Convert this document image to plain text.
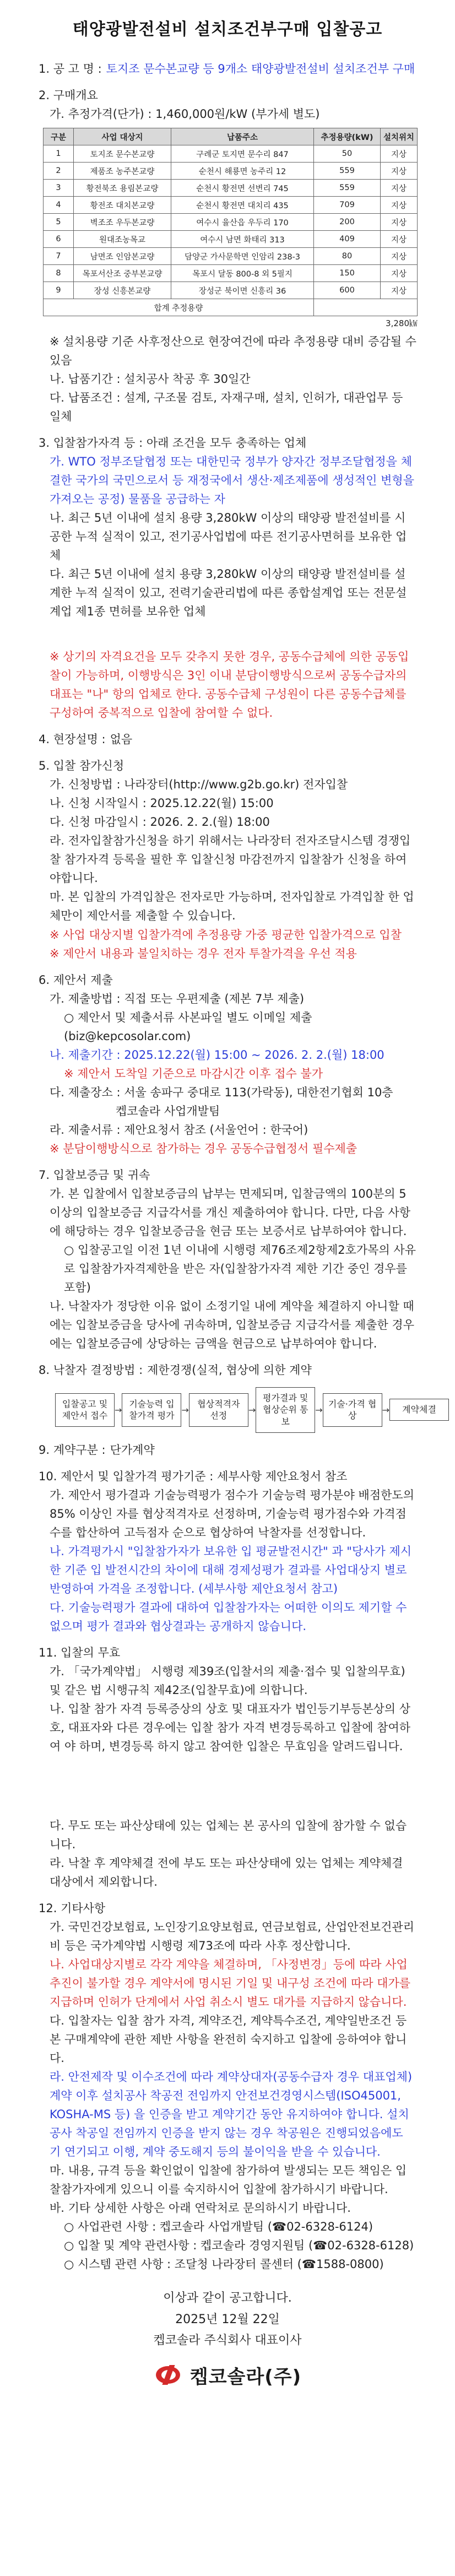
태양광발전설비 설치조건부구매 입찰공고
1. 공 고 명 : 토지조 문수본교량 등 9개소 태양광발전설비 설치조건부 구매
2. 구매개요
가. 추정가격(단가) : 1,460,000원/kW (부가세 별도)
구분	사업 대상지	납품주소	추정용량(kW)	설치위치
1	토지조 문수본교량	구례군 토지면 문수리 847	50	지상
2	제품조 농주본교량	순천시 해룡면 농주리 12	559	지상
3	황전북조 용림본교량	순천시 황전면 선변리 745	559	지상
4	황전조 대치본교량	순천시 황전면 대치리 435	709	지상
5	벽조조 우두본교량	여수시 율산읍 우두리 170	200	지상
6	원대조농목교	여수시 남면 화태리 313	409	지상
7	남면조 인암본교량	담양군 가사문학면 인암리 238-3	80	지상
8	목포서산조 중부본교량	목포시 달동 800-8 외 5필지	150	지상
9	장성 신흥본교량	장성군 북이면 신흥리 36	600	지상
합계 추정용량				
3,280㎾
※ 설치용량 기준 사후정산으로 현장여건에 따라 추정용량 대비 증감될 수 있음
나. 납품기간 : 설치공사 착공 후 30일간
다. 납품조건 : 설계, 구조물 검토, 자재구매, 설치, 인허가, 대관업무 등 일체
3. 입찰참가자격 등 : 아래 조건을 모두 충족하는 업체
가. WTO 정부조달협정 또는 대한민국 정부가 양자간 정부조달협정을 체결한 국가의 국민으로서 등 재정국에서 생산·제조제품에 생성적인 변형을 가져오는 공정) 물품을 공급하는 자
나. 최근 5년 이내에 설치 용량 3,280kW 이상의 태양광 발전설비를 시공한 누적 실적이 있고, 전기공사업법에 따른 전기공사면허를 보유한 업체
다. 최근 5년 이내에 설치 용량 3,280kW 이상의 태양광 발전설비를 설계한 누적 실적이 있고, 전력기술관리법에 따른 종합설계업 또는 전문설계업 제1종 면허를 보유한 업체
※ 상기의 자격요건을 모두 갖추지 못한 경우, 공동수급체에 의한 공동입찰이 가능하며, 이행방식은 3인 이내 분담이행방식으로써 공동수급자의 대표는 "나" 항의 업체로 한다. 공동수급체 구성원이 다른 공동수급체를 구성하여 중복적으로 입찰에 참여할 수 없다.
4. 현장설명 : 없음
5. 입찰 참가신청
가. 신청방법 : 나라장터(http://www.g2b.go.kr) 전자입찰
나. 신청 시작일시 : 2025.12.22(월) 15:00
다. 신청 마감일시 : 2026. 2. 2.(월) 18:00
라. 전자입찰참가신청을 하기 위해서는 나라장터 전자조달시스템 경쟁입찰 참가자격 등록을 필한 후 입찰신청 마감전까지 입찰참가 신청을 하여야합니다.
마. 본 입찰의 가격입찰은 전자로만 가능하며, 전자입찰로 가격입찰 한 업체만이 제안서를 제출할 수 있습니다.
※ 사업 대상지별 입찰가격에 추정용량 가중 평균한 입찰가격으로 입찰
※ 제안서 내용과 불일치하는 경우 전자 투찰가격을 우선 적용
6. 제안서 제출
가. 제출방법 : 직접 또는 우편제출 (제본 7부 제출)
○ 제안서 및 제출서류 사본파일 별도 이메일 제출 (biz@kepcosolar.com)
나. 제출기간 : 2025.12.22(월) 15:00 ~ 2026. 2. 2.(월) 18:00
※ 제안서 도착일 기준으로 마감시간 이후 접수 불가
다. 제출장소 : 서울 송파구 중대로 113(가락동), 대한전기협회 10층
켑코솔라 사업개발팀
라. 제출서류 : 제안요청서 참조 (서울언어 : 한국어)
※ 분담이행방식으로 참가하는 경우 공동수급협정서 필수제출
7. 입찰보증금 및 귀속
가. 본 입찰에서 입찰보증금의 납부는 면제되며, 입찰금액의 100분의 5이상의 입찰보증금 지급각서를 개신 제출하여야 합니다. 다만, 다음 사항에 해당하는 경우 입찰보증금을 현금 또는 보증서로 납부하여야 합니다.
○ 입찰공고일 이전 1년 이내에 시행령 제76조제2항제2호가목의 사유로 입찰참가자격제한을 받은 자(입찰참가자격 제한 기간 중인 경우를 포함)
나. 낙찰자가 정당한 이유 없이 소정기일 내에 계약을 체결하지 아니할 때에는 입찰보증금을 당사에 귀속하며, 입찰보증금 지급각서를 제출한 경우에는 입찰보증금에 상당하는 금액을 현금으로 납부하여야 합니다.
8. 낙찰자 결정방법 : 제한경쟁(실적, 협상에 의한 계약
입찰공고 및 제안서 접수
→
기술능력 입찰가격 평가
→
협상적격자 선정
→
평가결과 및 협상순위 통보
→
기술·가격 협상
→	계약체결
9. 계약구분 : 단가계약
10. 제안서 및 입찰가격 평가기준 : 세부사항 제안요청서 참조
가. 제안서 평가결과 기술능력평가 점수가 기술능력 평가분야 배점한도의 85% 이상인 자를 협상적격자로 선정하며, 기술능력 평가점수와 가격점수를 합산하여 고득점자 순으로 협상하여 낙찰자를 선정합니다.
나. 가격평가시 "입찰참가자가 보유한 입 평균발전시간" 과 "당사가 제시한 기준 입 발전시간의 차이에 대해 경제성평가 결과를 사업대상지 별로 반영하여 가격을 조정합니다. (세부사항 제안요청서 참고)
다. 기술능력평가 결과에 대하여 입찰참가자는 어떠한 이의도 제기할 수 없으며 평가 결과와 협상결과는 공개하지 않습니다.
11. 입찰의 무효
가. 「국가계약법」 시행령 제39조(입찰서의 제출·접수 및 입찰의무효) 및 같은 법 시행규칙 제42조(입찰무효)에 의합니다.
나. 입찰 참가 자격 등록증상의 상호 및 대표자가 법인등기부등본상의 상호, 대표자와 다른 경우에는 입찰 참가 자격 변경등록하고 입찰에 참여하여 야 하며, 변경등록 하지 않고 참여한 입찰은 무효임을 알려드립니다.
다. 무도 또는 파산상태에 있는 업체는 본 공사의 입찰에 참가할 수 없습니다.
라. 낙찰 후 계약체결 전에 부도 또는 파산상태에 있는 업체는 계약체결 대상에서 제외합니다.
12. 기타사항
가. 국민건강보험료, 노인장기요양보험료, 연금보험료, 산업안전보건관리 비 등은 국가계약법 시행령 제73조에 따라 사후 정산합니다.
나. 사업대상지별로 각각 계약을 체결하며, 「사정변경」등에 따라 사업추진이 불가할 경우 계약서에 명시된 기일 및 내구성 조건에 따라 대가를 지급하며 인허가 단계에서 사업 취소시 별도 대가를 지급하지 않습니다.
다. 입찰자는 입찰 참가 자격, 계약조건, 계약특수조건, 계약일반조건 등 본 구매계약에 관한 제반 사항을 완전히 숙지하고 입찰에 응하여야 합니다.
라. 안전제작 및 이수조건에 따라 계약상대자(공동수급자 경우 대표업체) 계약 이후 설치공사 착공전 전임까지 안전보건경영시스템(ISO45001, KOSHA-MS 등) 을 인증을 받고 계약기간 동안 유지하여야 합니다. 설치공사 착공일 전임까지 인증을 받지 않는 경우 착공원은 진행되었음에도 기 연기되고 이행, 계약 중도해지 등의 불이익을 받을 수 있습니다.
마. 내용, 규격 등을 확인없이 입찰에 참가하여 발생되는 모든 책임은 입찰참가자에게 있으니 이를 숙지하시어 입찰에 참가하시기 바랍니다.
바. 기타 상세한 사항은 아래 연락처로 문의하시기 바랍니다.
○ 사업관련 사항 : 켑코솔라 사업개발팀 (☎02-6328-6124)
○ 입찰 및 계약 관련사항 : 켑코솔라 경영지원팀 (☎02-6328-6128)
○ 시스템 관련 사항 : 조달청 나라장터 콜센터 (☎1588-0800)
이상과 같이 공고합니다.
2025년 12월 22일
켑코솔라 주식회사 대표이사
켑코솔라(주)
